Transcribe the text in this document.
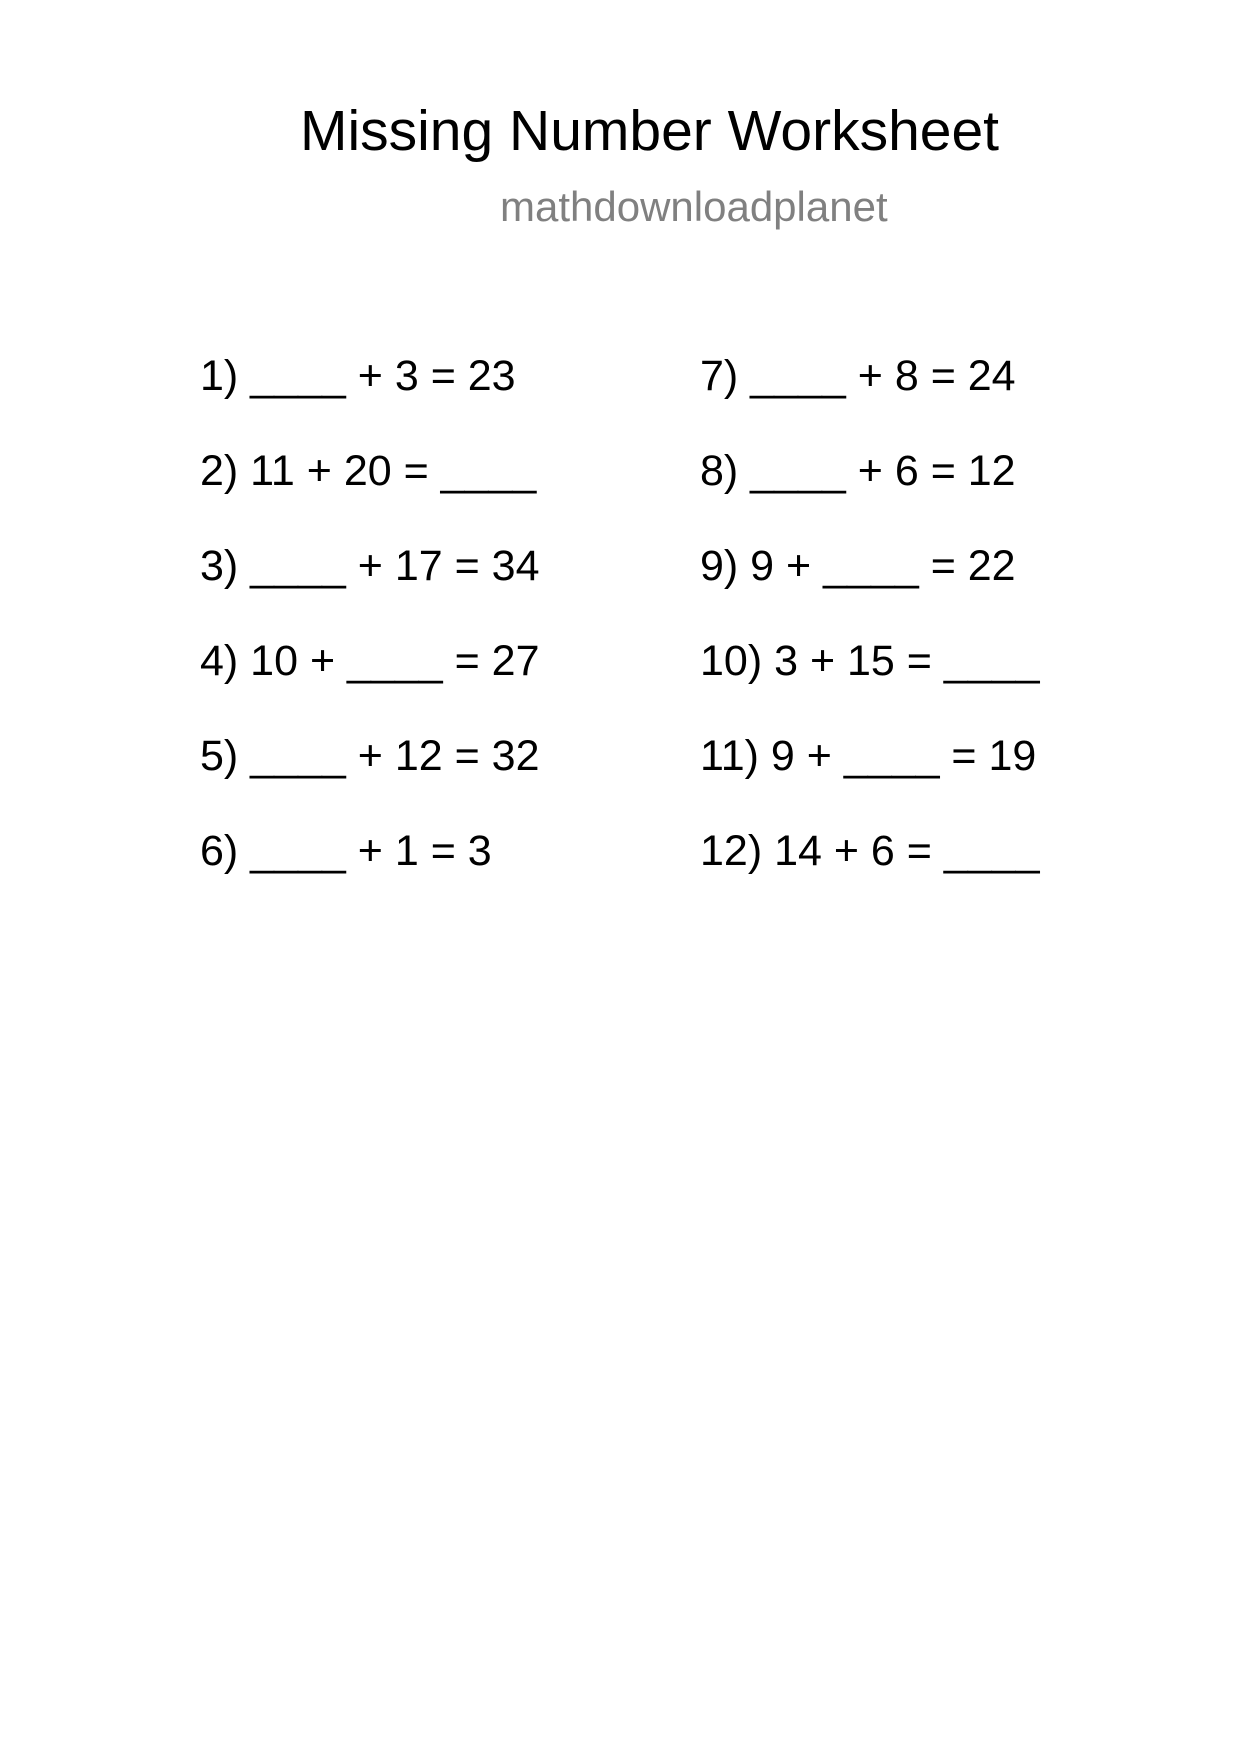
Missing Number Worksheet
mathdownloadplanet
1) ____ + 3 = 23
2) 11 + 20 = ____
3) ____ + 17 = 34
4) 10 + ____ = 27
5) ____ + 12 = 32
6) ____ + 1 = 3
7) ____ + 8 = 24
8) ____ + 6 = 12
9) 9 + ____ = 22
10) 3 + 15 = ____
11) 9 + ____ = 19
12) 14 + 6 = ____
